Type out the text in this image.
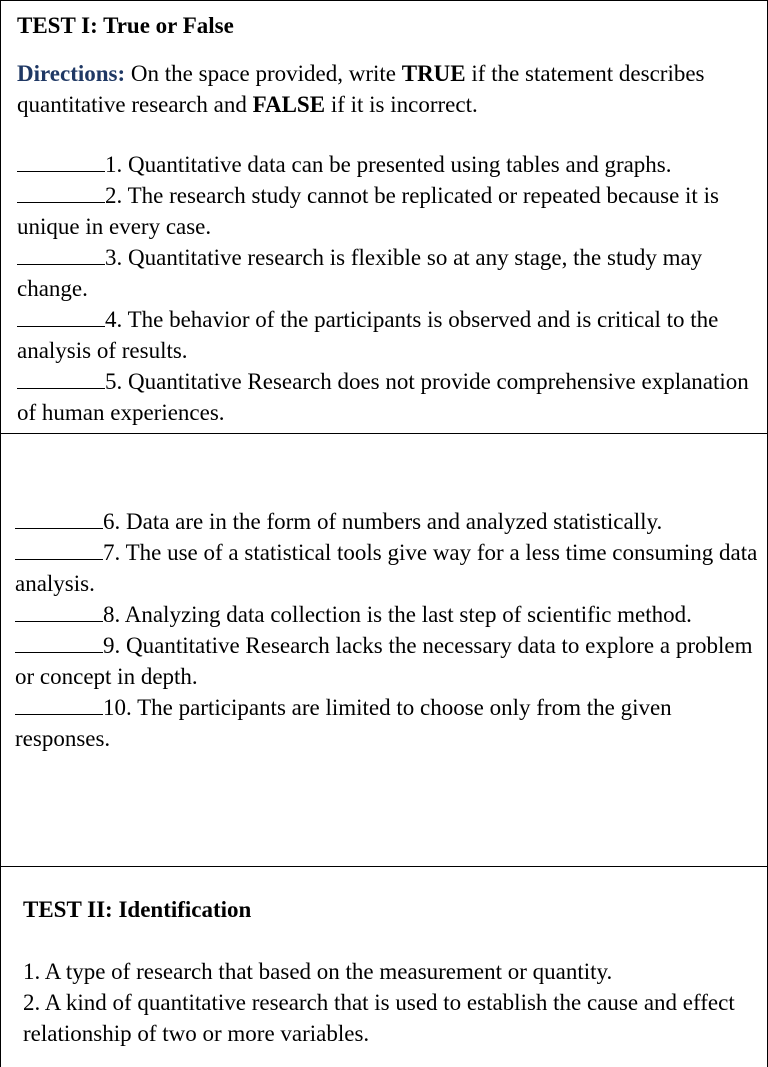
TEST I: True or False
Directions: On the space provided, write TRUE if the statement describes quantitative research and FALSE if it is incorrect.

1. Quantitative data can be presented using tables and graphs.

2. The research study cannot be replicated or repeated because it is unique in every case.

3. Quantitative research is flexible so at any stage, the study may change.

4. The behavior of the participants is observed and is critical to the analysis of results.

5. Quantitative Research does not provide comprehensive explanation of human experiences.

6. Data are in the form of numbers and analyzed statistically.

7. The use of a statistical tools give way for a less time consuming data analysis.

8. Analyzing data collection is the last step of scientific method.

9. Quantitative Research lacks the necessary data to explore a problem or concept in depth.

10. The participants are limited to choose only from the given responses.

TEST II: Identification

1. A type of research that based on the measurement or quantity.

2. A kind of quantitative research that is used to establish the cause and effect relationship of two or more variables.
